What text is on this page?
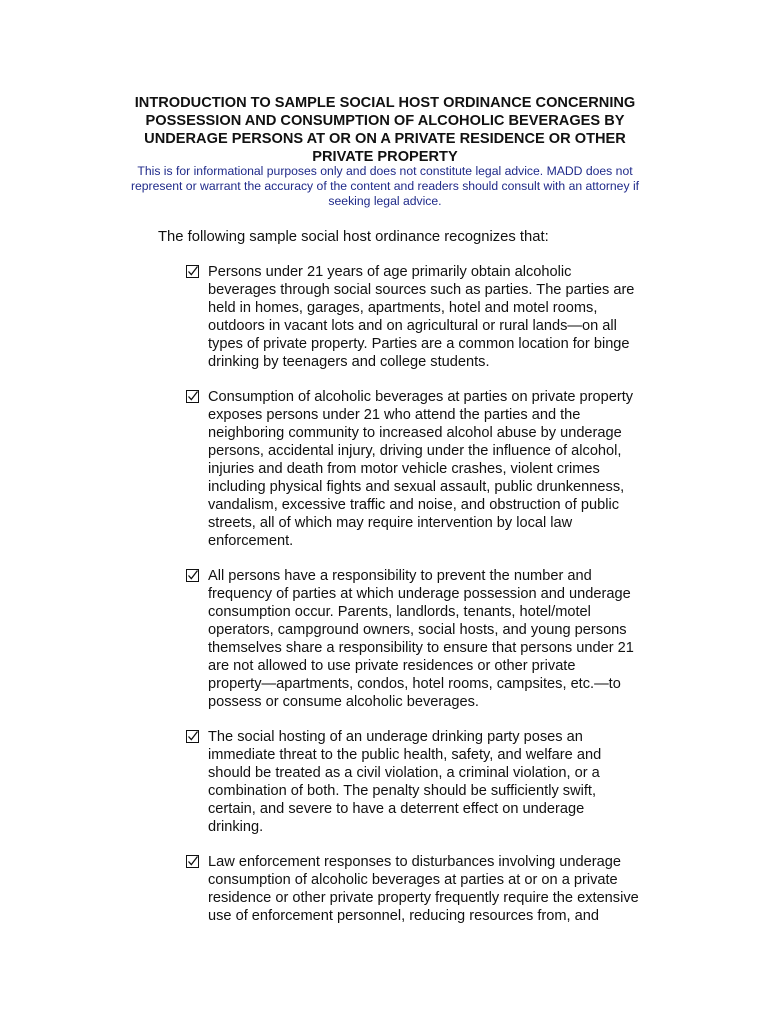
INTRODUCTION TO SAMPLE SOCIAL HOST ORDINANCE CONCERNING
POSSESSION AND CONSUMPTION OF ALCOHOLIC BEVERAGES BY
UNDERAGE PERSONS AT OR ON A PRIVATE RESIDENCE OR OTHER
PRIVATE PROPERTY
This is for informational purposes only and does not constitute legal advice. MADD does not
represent or warrant the accuracy of the content and readers should consult with an attorney if
seeking legal advice.

The following sample social host ordinance recognizes that:

Persons under 21 years of age primarily obtain alcoholic
beverages through social sources such as parties. The parties are
held in homes, garages, apartments, hotel and motel rooms,
outdoors in vacant lots and on agricultural or rural lands—on all
types of private property. Parties are a common location for binge
drinking by teenagers and college students.
Consumption of alcoholic beverages at parties on private property
exposes persons under 21 who attend the parties and the
neighboring community to increased alcohol abuse by underage
persons, accidental injury, driving under the influence of alcohol,
injuries and death from motor vehicle crashes, violent crimes
including physical fights and sexual assault, public drunkenness,
vandalism, excessive traffic and noise, and obstruction of public
streets, all of which may require intervention by local law
enforcement.
All persons have a responsibility to prevent the number and
frequency of parties at which underage possession and underage
consumption occur. Parents, landlords, tenants, hotel/motel
operators, campground owners, social hosts, and young persons
themselves share a responsibility to ensure that persons under 21
are not allowed to use private residences or other private
property—apartments, condos, hotel rooms, campsites, etc.—to
possess or consume alcoholic beverages.
The social hosting of an underage drinking party poses an
immediate threat to the public health, safety, and welfare and
should be treated as a civil violation, a criminal violation, or a
combination of both. The penalty should be sufficiently swift,
certain, and severe to have a deterrent effect on underage
drinking.
Law enforcement responses to disturbances involving underage
consumption of alcoholic beverages at parties at or on a private
residence or other private property frequently require the extensive
use of enforcement personnel, reducing resources from, and
